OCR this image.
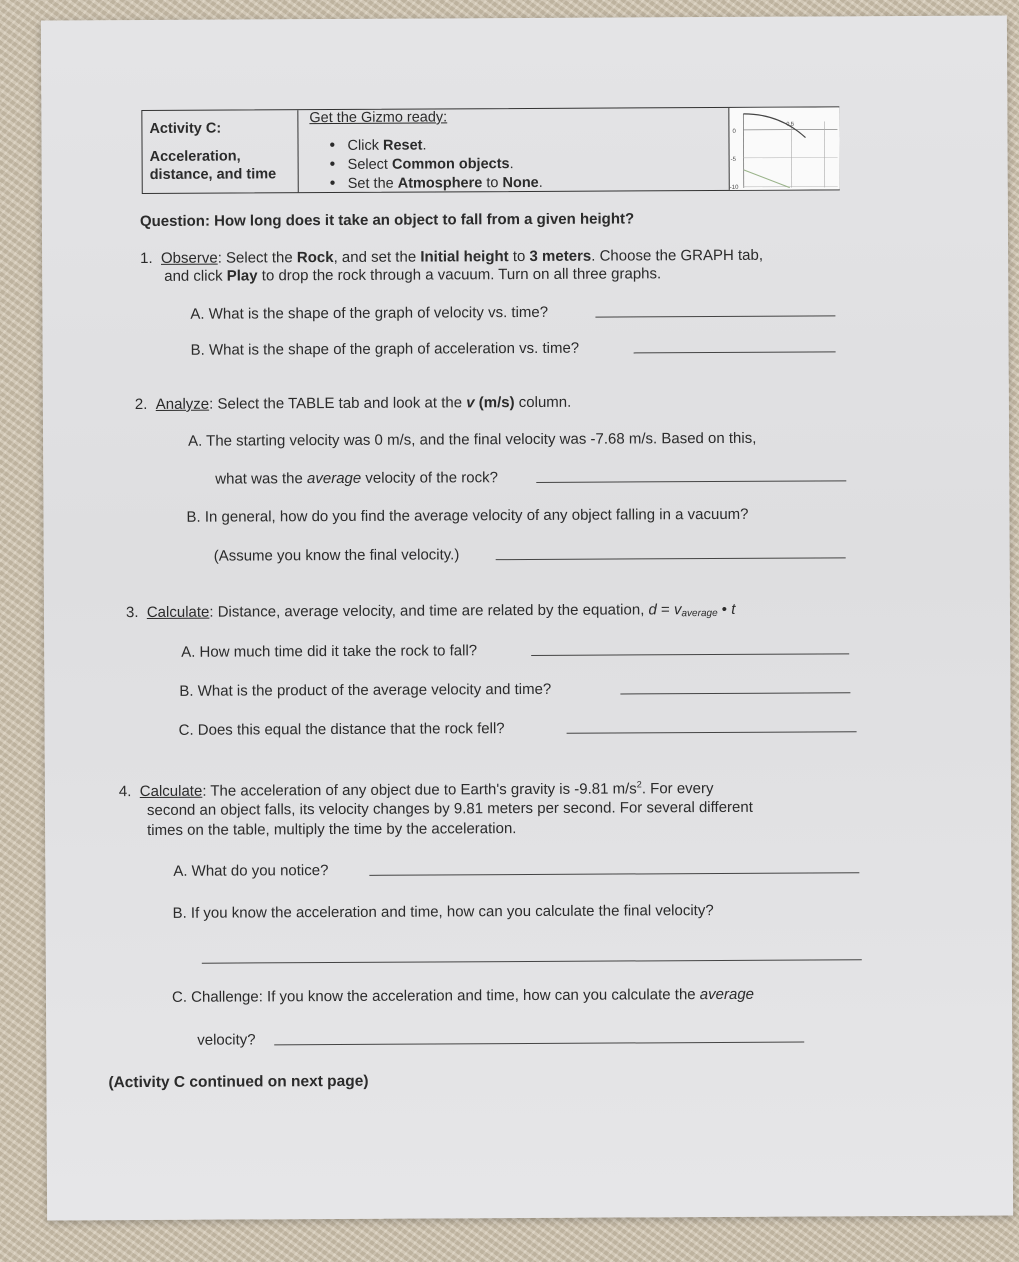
Activity C:
Acceleration,
distance, and time
Get the Gizmo ready:
• Click Reset.
• Select Common objects.
• Set the Atmosphere to None.
0
-5
-10
0.5
Question: How long does it take an object to fall from a given height?
1. Observe: Select the Rock, and set the Initial height to 3 meters. Choose the GRAPH tab,
and click Play to drop the rock through a vacuum. Turn on all three graphs.
A. What is the shape of the graph of velocity vs. time?
B. What is the shape of the graph of acceleration vs. time?
2. Analyze: Select the TABLE tab and look at the v (m/s) column.
A. The starting velocity was 0 m/s, and the final velocity was -7.68 m/s. Based on this,
what was the average velocity of the rock?
B. In general, how do you find the average velocity of any object falling in a vacuum?
(Assume you know the final velocity.)
3. Calculate: Distance, average velocity, and time are related by the equation, d = vaverage • t
A. How much time did it take the rock to fall?
B. What is the product of the average velocity and time?
C. Does this equal the distance that the rock fell?
4. Calculate: The acceleration of any object due to Earth's gravity is -9.81 $m/s^2$. For every
second an object falls, its velocity changes by 9.81 meters per second. For several different
times on the table, multiply the time by the acceleration.
A. What do you notice?
B. If you know the acceleration and time, how can you calculate the final velocity?
C. Challenge: If you know the acceleration and time, how can you calculate the average
velocity?
(Activity C continued on next page)
